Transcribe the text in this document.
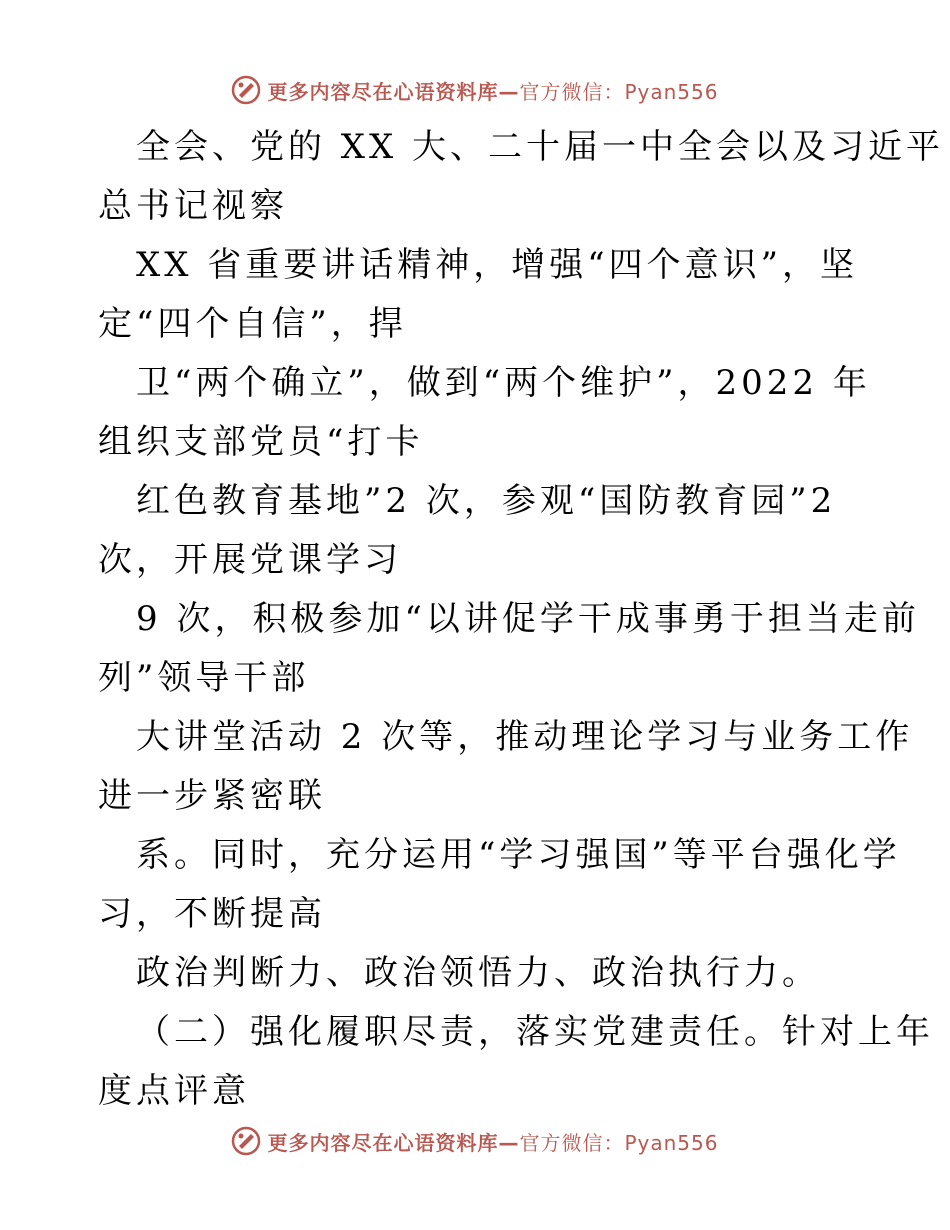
更多内容尽在心语资料库—官方微信：Pyan556
全会、党的 XX 大、二十届一中全会以及习近平
总书记视察
XX 省重要讲话精神，增强“四个意识”，坚
定“四个自信”，捍
卫“两个确立”，做到“两个维护”，2022 年
组织支部党员“打卡
红色教育基地”2 次，参观“国防教育园”2
次，开展党课学习
9 次，积极参加“以讲促学干成事勇于担当走前
列”领导干部
大讲堂活动 2 次等，推动理论学习与业务工作
进一步紧密联
系。同时，充分运用“学习强国”等平台强化学
习，不断提高
政治判断力、政治领悟力、政治执行力。
（二）强化履职尽责，落实党建责任。针对上年
度点评意
更多内容尽在心语资料库—官方微信：Pyan556
